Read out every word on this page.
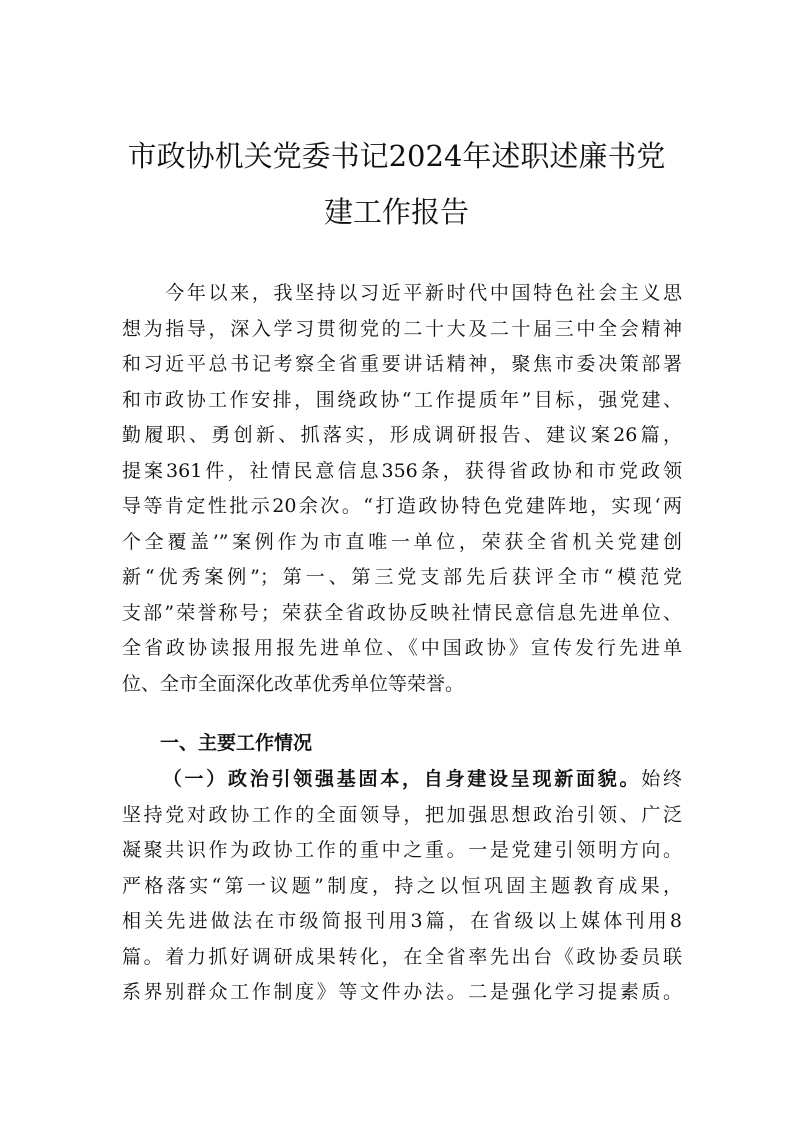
市政协机关党委书记2024年述职述廉书党
建工作报告
　　今年以来，我坚持以习近平新时代中国特色社会主义思
想为指导，深入学习贯彻党的二十大及二十届三中全会精神
和习近平总书记考察全省重要讲话精神，聚焦市委决策部署
和市政协工作安排，围绕政协“工作提质年”目标，强党建、
勤履职、勇创新、抓落实，形成调研报告、建议案26篇，
提案361件，社情民意信息356条，获得省政协和市党政领
导等肯定性批示20余次。“打造政协特色党建阵地，实现‘两
个全覆盖’”案例作为市直唯一单位，荣获全省机关党建创
新“优秀案例”；第一、第三党支部先后获评全市“模范党
支部”荣誉称号；荣获全省政协反映社情民意信息先进单位、
全省政协读报用报先进单位、《中国政协》宣传发行先进单
位、全市全面深化改革优秀单位等荣誉。
一、主要工作情况
（一）政治引领强基固本，自身建设呈现新面貌。始终
坚持党对政协工作的全面领导，把加强思想政治引领、广泛
凝聚共识作为政协工作的重中之重。一是党建引领明方向。
严格落实“第一议题”制度，持之以恒巩固主题教育成果，
相关先进做法在市级简报刊用3篇，在省级以上媒体刊用8
篇。着力抓好调研成果转化，在全省率先出台《政协委员联
系界别群众工作制度》等文件办法。二是强化学习提素质。
